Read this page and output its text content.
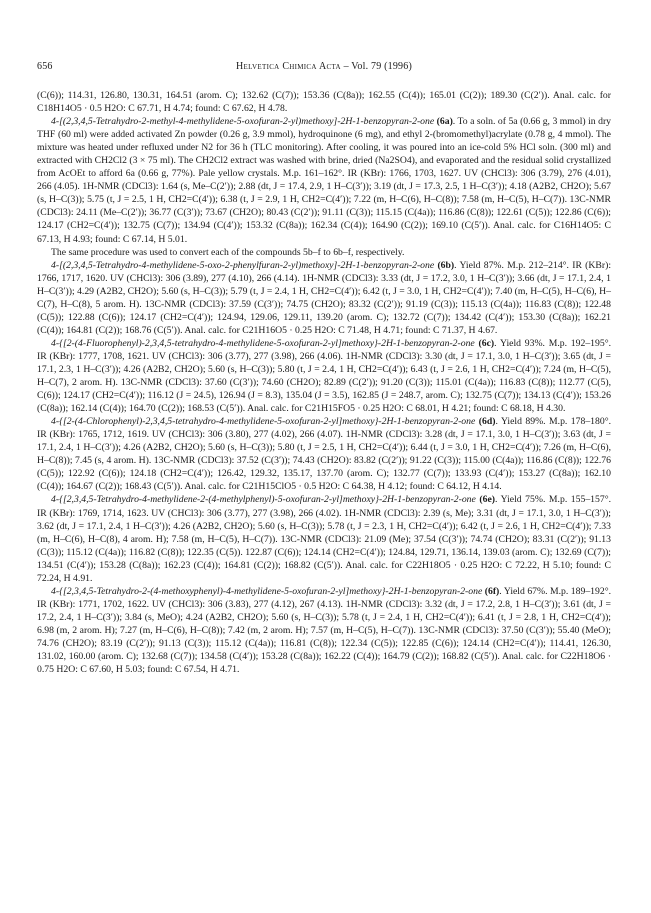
656	Helvetica Chimica Acta – Vol. 79 (1996)

(C(6)); 114.31, 126.80, 130.31, 164.51 (arom. C); 132.62 (C(7)); 153.36 (C(8a)); 162.55 (C(4)); 165.01 (C(2)); 189.30 (C(2′)). Anal. calc. for C18H14O5 · 0.5 H2O: C 67.71, H 4.74; found: C 67.62, H 4.78.

4-[(2,3,4,5-Tetrahydro-2-methyl-4-methylidene-5-oxofuran-2-yl)methoxy]-2H-1-benzopyran-2-one (6a). To a soln. of 5a (0.66 g, 3 mmol) in dry THF (60 ml) were added activated Zn powder (0.26 g, 3.9 mmol), hydroquinone (6 mg), and ethyl 2-(bromomethyl)acrylate (0.78 g, 4 mmol). The mixture was heated under refluxed under N2 for 36 h (TLC monitoring). After cooling, it was poured into an ice-cold 5% HCl soln. (300 ml) and extracted with CH2Cl2 (3 × 75 ml). The CH2Cl2 extract was washed with brine, dried (Na2SO4), and evaporated and the residual solid crystallized from AcOEt to afford 6a (0.66 g, 77%). Pale yellow crystals. M.p. 161–162°. IR (KBr): 1766, 1703, 1627. UV (CHCl3): 306 (3.79), 276 (4.01), 266 (4.05). 1H-NMR (CDCl3): 1.64 (s, Me–C(2′)); 2.88 (dt, J = 17.4, 2.9, 1 H–C(3′)); 3.19 (dt, J = 17.3, 2.5, 1 H–C(3′)); 4.18 (A2B2, CH2O); 5.67 (s, H–C(3)); 5.75 (t, J = 2.5, 1 H, CH2=C(4′)); 6.38 (t, J = 2.9, 1 H, CH2=C(4′)); 7.22 (m, H–C(6), H–C(8)); 7.58 (m, H–C(5), H–C(7)). 13C-NMR (CDCl3): 24.11 (Me–C(2′)); 36.77 (C(3′)); 73.67 (CH2O); 80.43 (C(2′)); 91.11 (C(3)); 115.15 (C(4a)); 116.86 (C(8)); 122.61 (C(5)); 122.86 (C(6)); 124.17 (CH2=C(4′)); 132.75 (C(7)); 134.94 (C(4′)); 153.32 (C(8a)); 162.34 (C(4)); 164.90 (C(2)); 169.10 (C(5′)). Anal. calc. for C16H14O5: C 67.13, H 4.93; found: C 67.14, H 5.01.

The same procedure was used to convert each of the compounds 5b–f to 6b–f, respectively.

4-[(2,3,4,5-Tetrahydro-4-methylidene-5-oxo-2-phenylfuran-2-yl)methoxy]-2H-1-benzopyran-2-one (6b). Yield 87%. M.p. 212–214°. IR (KBr): 1766, 1717, 1620. UV (CHCl3): 306 (3.89), 277 (4.10), 266 (4.14). 1H-NMR (CDCl3): 3.33 (dt, J = 17.2, 3.0, 1 H–C(3′)); 3.66 (dt, J = 17.1, 2.4, 1 H–C(3′)); 4.29 (A2B2, CH2O); 5.60 (s, H–C(3)); 5.79 (t, J = 2.4, 1 H, CH2=C(4′)); 6.42 (t, J = 3.0, 1 H, CH2=C(4′)); 7.40 (m, H–C(5), H–C(6), H–C(7), H–C(8), 5 arom. H). 13C-NMR (CDCl3): 37.59 (C(3′)); 74.75 (CH2O); 83.32 (C(2′)); 91.19 (C(3)); 115.13 (C(4a)); 116.83 (C(8)); 122.48 (C(5)); 122.88 (C(6)); 124.17 (CH2=C(4′)); 124.94, 129.06, 129.11, 139.20 (arom. C); 132.72 (C(7)); 134.42 (C(4′)); 153.30 (C(8a)); 162.21 (C(4)); 164.81 (C(2)); 168.76 (C(5′)). Anal. calc. for C21H16O5 · 0.25 H2O: C 71.48, H 4.71; found: C 71.37, H 4.67.

4-{[2-(4-Fluorophenyl)-2,3,4,5-tetrahydro-4-methylidene-5-oxofuran-2-yl]methoxy}-2H-1-benzopyran-2-one (6c). Yield 93%. M.p. 192–195°. IR (KBr): 1777, 1708, 1621. UV (CHCl3): 306 (3.77), 277 (3.98), 266 (4.06). 1H-NMR (CDCl3): 3.30 (dt, J = 17.1, 3.0, 1 H–C(3′)); 3.65 (dt, J = 17.1, 2.3, 1 H–C(3′)); 4.26 (A2B2, CH2O); 5.60 (s, H–C(3)); 5.80 (t, J = 2.4, 1 H, CH2=C(4′)); 6.43 (t, J = 2.6, 1 H, CH2=C(4′)); 7.24 (m, H–C(5), H–C(7), 2 arom. H). 13C-NMR (CDCl3): 37.60 (C(3′)); 74.60 (CH2O); 82.89 (C(2′)); 91.20 (C(3)); 115.01 (C(4a)); 116.83 (C(8)); 112.77 (C(5), C(6)); 124.17 (CH2=C(4′)); 116.12 (J = 24.5), 126.94 (J = 8.3), 135.04 (J = 3.5), 162.85 (J = 248.7, arom. C); 132.75 (C(7)); 134.13 (C(4′)); 153.26 (C(8a)); 162.14 (C(4)); 164.70 (C(2)); 168.53 (C(5′)). Anal. calc. for C21H15FO5 · 0.25 H2O: C 68.01, H 4.21; found: C 68.18, H 4.30.

4-{[2-(4-Chlorophenyl)-2,3,4,5-tetrahydro-4-methylidene-5-oxofuran-2-yl]methoxy}-2H-1-benzopyran-2-one (6d). Yield 89%. M.p. 178–180°. IR (KBr): 1765, 1712, 1619. UV (CHCl3): 306 (3.80), 277 (4.02), 266 (4.07). 1H-NMR (CDCl3): 3.28 (dt, J = 17.1, 3.0, 1 H–C(3′)); 3.63 (dt, J = 17.1, 2.4, 1 H–C(3′)); 4.26 (A2B2, CH2O); 5.60 (s, H–C(3)); 5.80 (t, J = 2.5, 1 H, CH2=C(4′)); 6.44 (t, J = 3.0, 1 H, CH2=C(4′)); 7.26 (m, H–C(6), H–C(8)); 7.45 (s, 4 arom. H). 13C-NMR (CDCl3): 37.52 (C(3′)); 74.43 (CH2O): 83.82 (C(2′)); 91.22 (C(3)); 115.00 (C(4a)); 116.86 (C(8)); 122.76 (C(5)); 122.92 (C(6)); 124.18 (CH2=C(4′)); 126.42, 129.32, 135.17, 137.70 (arom. C); 132.77 (C(7)); 133.93 (C(4′)); 153.27 (C(8a)); 162.10 (C(4)); 164.67 (C(2)); 168.43 (C(5′)). Anal. calc. for C21H15ClO5 · 0.5 H2O: C 64.38, H 4.12; found: C 64.12, H 4.14.

4-{[2,3,4,5-Tetrahydro-4-methylidene-2-(4-methylphenyl)-5-oxofuran-2-yl]methoxy}-2H-1-benzopyran-2-one (6e). Yield 75%. M.p. 155–157°. IR (KBr): 1769, 1714, 1623. UV (CHCl3): 306 (3.77), 277 (3.98), 266 (4.02). 1H-NMR (CDCl3): 2.39 (s, Me); 3.31 (dt, J = 17.1, 3.0, 1 H–C(3′)); 3.62 (dt, J = 17.1, 2.4, 1 H–C(3′)); 4.26 (A2B2, CH2O); 5.60 (s, H–C(3)); 5.78 (t, J = 2.3, 1 H, CH2=C(4′)); 6.42 (t, J = 2.6, 1 H, CH2=C(4′)); 7.33 (m, H–C(6), H–C(8), 4 arom. H); 7.58 (m, H–C(5), H–C(7)). 13C-NMR (CDCl3): 21.09 (Me); 37.54 (C(3′)); 74.74 (CH2O); 83.31 (C(2′)); 91.13 (C(3)); 115.12 (C(4a)); 116.82 (C(8)); 122.35 (C(5)). 122.87 (C(6)); 124.14 (CH2=C(4′)); 124.84, 129.71, 136.14, 139.03 (arom. C); 132.69 (C(7)); 134.51 (C(4′)); 153.28 (C(8a)); 162.23 (C(4)); 164.81 (C(2)); 168.82 (C(5′)). Anal. calc. for C22H18O5 · 0.25 H2O: C 72.22, H 5.10; found: C 72.24, H 4.91.

4-{[2,3,4,5-Tetrahydro-2-(4-methoxyphenyl)-4-methylidene-5-oxofuran-2-yl]methoxy}-2H-1-benzopyran-2-one (6f). Yield 67%. M.p. 189–192°. IR (KBr): 1771, 1702, 1622. UV (CHCl3): 306 (3.83), 277 (4.12), 267 (4.13). 1H-NMR (CDCl3): 3.32 (dt, J = 17.2, 2.8, 1 H–C(3′)); 3.61 (dt, J = 17.2, 2.4, 1 H–C(3′)); 3.84 (s, MeO); 4.24 (A2B2, CH2O); 5.60 (s, H–C(3)); 5.78 (t, J = 2.4, 1 H, CH2=C(4′)); 6.41 (t, J = 2.8, 1 H, CH2=C(4′)); 6.98 (m, 2 arom. H); 7.27 (m, H–C(6), H–C(8)); 7.42 (m, 2 arom. H); 7.57 (m, H–C(5), H–C(7)). 13C-NMR (CDCl3): 37.50 (C(3′)); 55.40 (MeO); 74.76 (CH2O); 83.19 (C(2′)); 91.13 (C(3)); 115.12 (C(4a)); 116.81 (C(8)); 122.34 (C(5)); 122.85 (C(6)); 124.14 (CH2=C(4′)); 114.41, 126.30, 131.02, 160.00 (arom. C); 132.68 (C(7)); 134.58 (C(4′)); 153.28 (C(8a)); 162.22 (C(4)); 164.79 (C(2)); 168.82 (C(5′)). Anal. calc. for C22H18O6 · 0.75 H2O: C 67.60, H 5.03; found: C 67.54, H 4.71.
